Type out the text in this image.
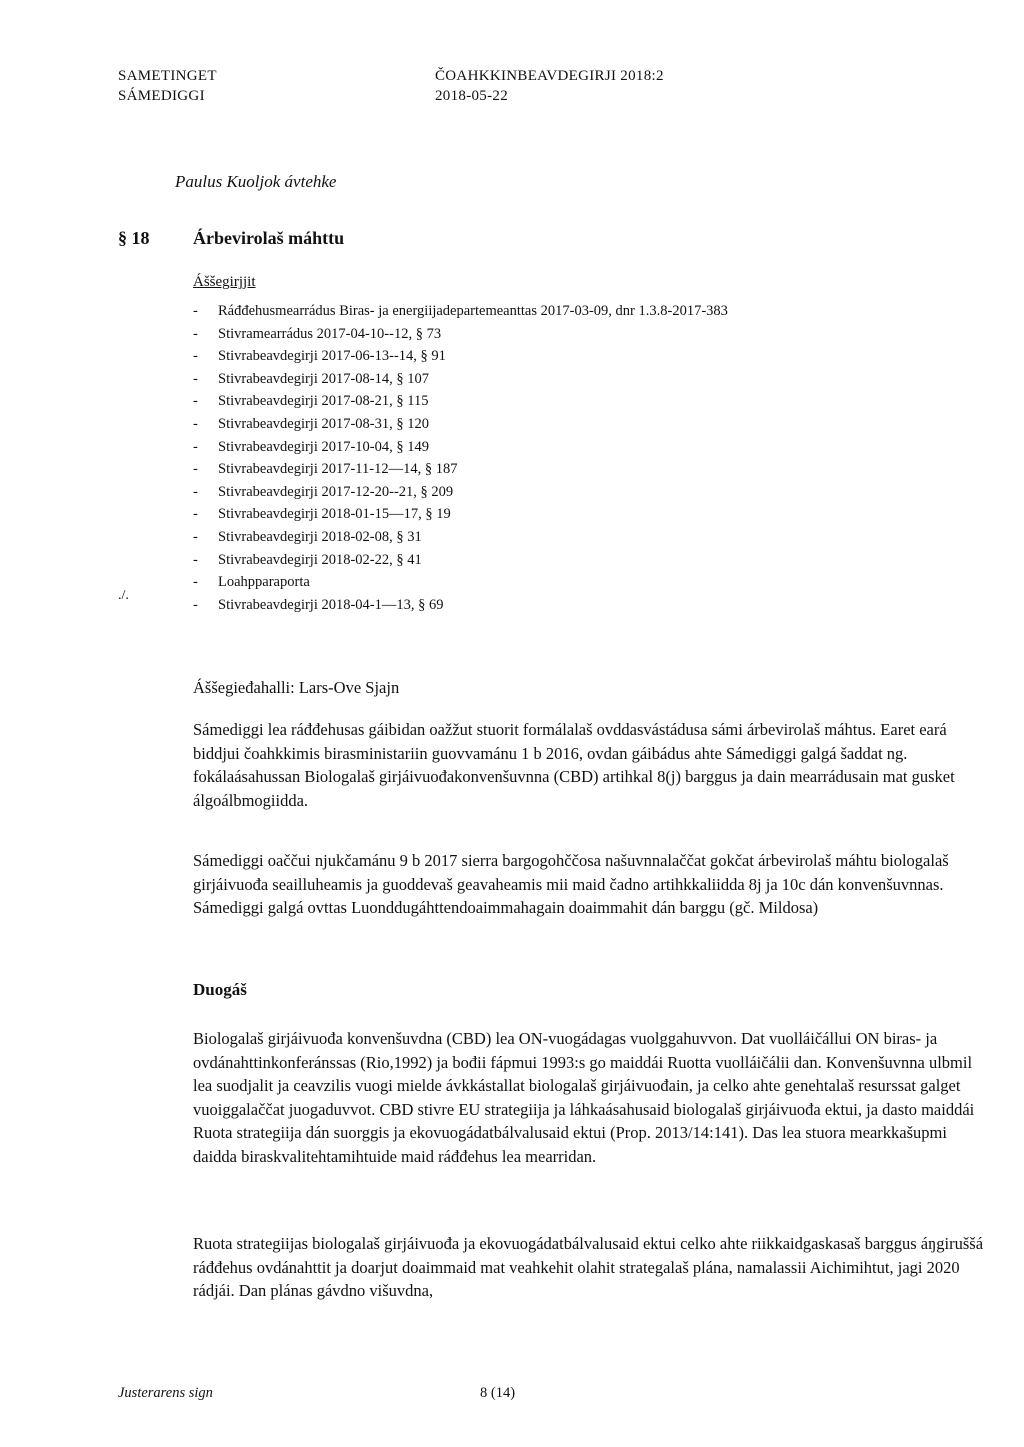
SAMETINGET
SÁMEDIGGI
ČOAHKKINBEAVDEGIRJI 2018:2
2018-05-22
Paulus Kuoljok ávtehke
§ 18 Árbevirolaš máhttu
Áššegirjjit
- Ráđđehusmearrádus Biras- ja energiijadepartemeanttas 2017-03-09, dnr 1.3.8-2017-383
- Stivramearrádus 2017-04-10--12, § 73
- Stivrabeavdegirji 2017-06-13--14, § 91
- Stivrabeavdegirji 2017-08-14, § 107
- Stivrabeavdegirji 2017-08-21, § 115
- Stivrabeavdegirji 2017-08-31, § 120
- Stivrabeavdegirji 2017-10-04, § 149
- Stivrabeavdegirji 2017-11-12—14, § 187
- Stivrabeavdegirji 2017-12-20--21, § 209
- Stivrabeavdegirji 2018-01-15—17, § 19
- Stivrabeavdegirji 2018-02-08, § 31
- Stivrabeavdegirji 2018-02-22, § 41
- Loahpparaporta
- Stivrabeavdegirji 2018-04-1—13, § 69
./.
Áššegieđahalli: Lars-Ove Sjajn

Sámediggi lea ráđđehusas gáibidan oažžut stuorit formálalaš ovddasvástádusa sámi árbevirolaš máhtus. Earet eará biddjui čoahkkimis birasministariin guovvamánu 1 b 2016, ovdan gáibádus ahte Sámediggi galgá šaddat ng. fokálaásahussan Biologalaš girjáivuođakonvenšuvnna (CBD) artihkal 8(j) barggus ja dain mearrádusain mat gusket álgoálbmogiidda.

Sámediggi oaččui njukčamánu 9 b 2017 sierra bargogohččosa našuvnnalaččat gokčat árbevirolaš máhtu biologalaš girjáivuođa seailluheamis ja guoddevaš geavaheamis mii maid čadno artihkkaliidda 8j ja 10c dán konvenšuvnnas. Sámediggi galgá ovttas Luonddugáhttendoaimmahagain doaimmahit dán barggu (gč. Mildosa)

Duogáš

Biologalaš girjáivuođa konvenšuvdna (CBD) lea ON-vuogádagas vuolggahuvvon. Dat vuolláičállui ON biras- ja ovdánahttinkonferánssas (Rio,1992) ja bođii fápmui 1993:s go maiddái Ruotta vuolláičálii dan. Konvenšuvnna ulbmil lea suodjalit ja ceavzilis vuogi mielde ávkkástallat biologalaš girjáivuođain, ja celko ahte genehtalaš resurssat galget vuoiggalaččat juogaduvvot. CBD stivre EU strategiija ja láhkaásahusaid biologalaš girjáivuođa ektui, ja dasto maiddái Ruota strategiija dán suorggis ja ekovuogádatbálvalusaid ektui (Prop. 2013/14:141). Das lea stuora mearkkašupmi daidda biraskvalitehtamihtuide maid ráđđehus lea mearridan.

Ruota strategiijas biologalaš girjáivuođa ja ekovuogádatbálvalusaid ektui celko ahte riikkaidgaskasaš barggus áŋgiruššá ráđđehus ovdánahttit ja doarjut doaimmaid mat veahkehit olahit strategalaš plána, namalassii Aichimihtut, jagi 2020 rádjái. Dan plánas gávdno višuvdna,

Justerarens sign	8 (14)
